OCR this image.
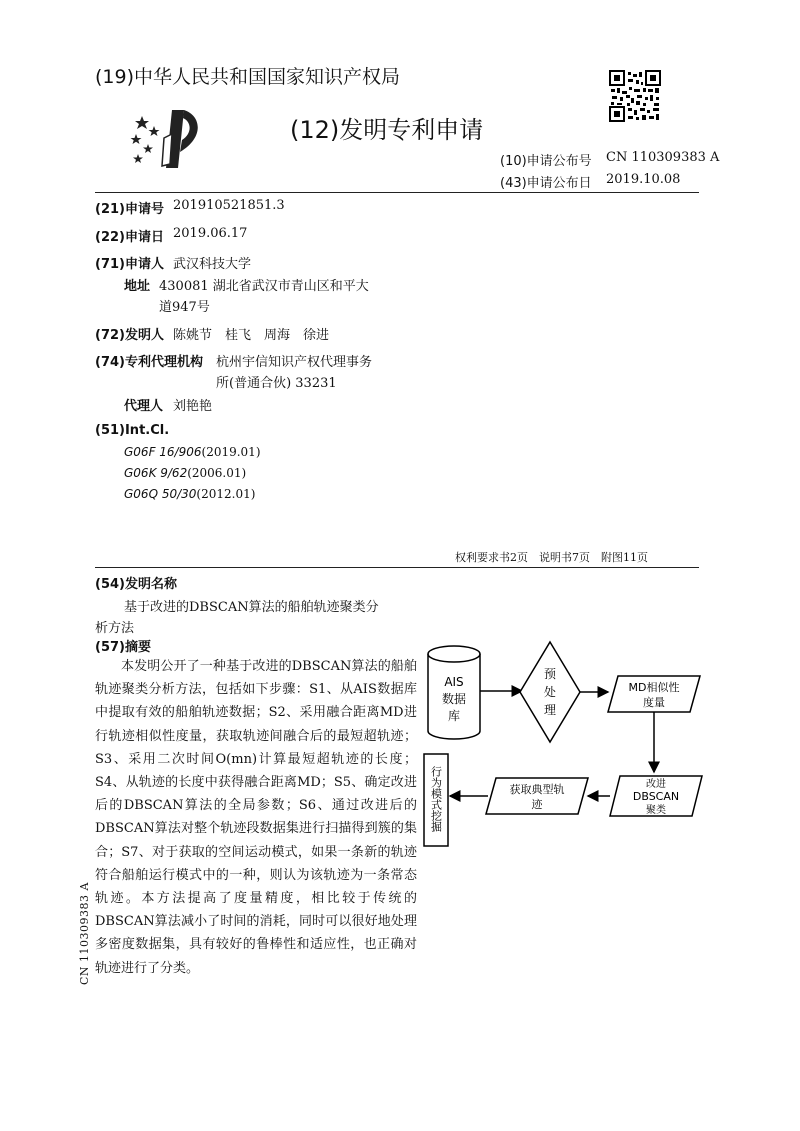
(19)中华人民共和国国家知识产权局
(12)发明专利申请
(10)申请公布号 CN 110309383 A
(43)申请公布日 2019.10.08
(21)申请号 201910521851.3
(22)申请日 2019.06.17
(71)申请人 武汉科技大学
地址 430081 湖北省武汉市青山区和平大
道947号
(72)发明人 陈姚节　桂飞　周海　徐进
(74)专利代理机构 杭州宇信知识产权代理事务
所(普通合伙) 33231
代理人 刘艳艳
(51)Int.Cl.
G06F 16/906(2019.01)
G06K 9/62(2006.01)
G06Q 50/30(2012.01)
权利要求书2页　说明书7页　附图11页
(54)发明名称
基于改进的DBSCAN算法的船舶轨迹聚类分
析方法
(57)摘要

本发明公开了一种基于改进的DBSCAN算法的船舶轨迹聚类分析方法，包括如下步骤：S1、从AIS数据库中提取有效的船舶轨迹数据；S2、采用融合距离MD进行轨迹相似性度量，获取轨迹间融合后的最短超轨迹；S3、采用二次时间O(mn)计算最短超轨迹的长度；S4、从轨迹的长度中获得融合距离MD；S5、确定改进后的DBSCAN算法的全局参数；S6、通过改进后的DBSCAN算法对整个轨迹段数据集进行扫描得到簇的集合；S7、对于获取的空间运动模式，如果一条新的轨迹符合船舶运行模式中的一种，则认为该轨迹为一条常态轨迹。本方法提高了度量精度，相比较于传统的DBSCAN算法减小了时间的消耗，同时可以很好地处理多密度数据集，具有较好的鲁棒性和适应性，也正确对轨迹进行了分类。

AIS
数据
库
预
处
理
MD相似性
度量
改进
DBSCAN
聚类
获取典型轨
迹
行为模式挖掘
CN 110309383 A
